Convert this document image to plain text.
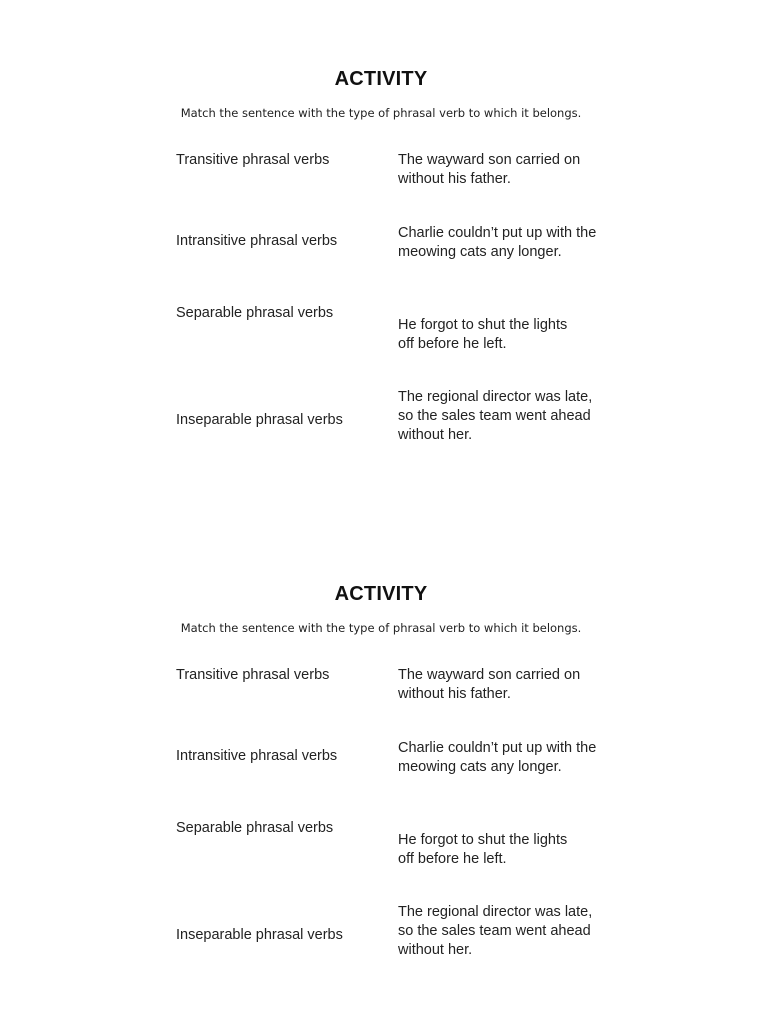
ACTIVITY
Match the sentence with the type of phrasal verb to which it belongs.
Transitive phrasal verbs
Intransitive phrasal verbs
Separable phrasal verbs
Inseparable phrasal verbs
The wayward son carried on without his father.
Charlie couldn’t put up with the meowing cats any longer.
He forgot to shut the lights off before he left.
The regional director was late, so the sales team went ahead without her.
ACTIVITY
Match the sentence with the type of phrasal verb to which it belongs.
Transitive phrasal verbs
Intransitive phrasal verbs
Separable phrasal verbs
Inseparable phrasal verbs
The wayward son carried on without his father.
Charlie couldn’t put up with the meowing cats any longer.
He forgot to shut the lights off before he left.
The regional director was late, so the sales team went ahead without her.
